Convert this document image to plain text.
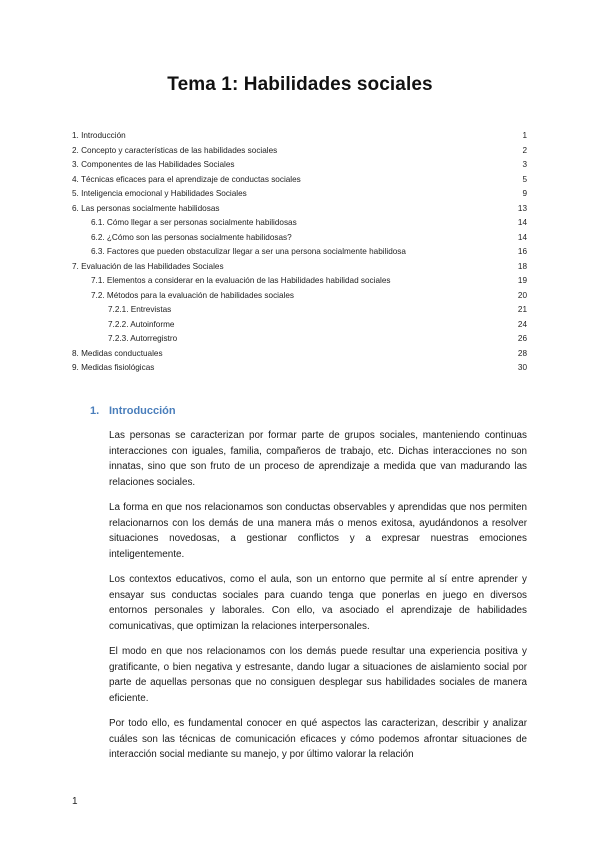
Tema 1: Habilidades sociales
1. Introducción	1
2. Concepto y características de las habilidades sociales	2
3. Componentes de las Habilidades Sociales	3
4. Técnicas eficaces para el aprendizaje de conductas sociales	5
5. Inteligencia emocional y Habilidades Sociales	9
6. Las personas socialmente habilidosas	13
6.1. Cómo llegar a ser personas socialmente habilidosas	14
6.2. ¿Cómo son las personas socialmente habilidosas?	14
6.3. Factores que pueden obstaculizar llegar a ser una persona socialmente habilidosa	16
7. Evaluación de las Habilidades Sociales	18
7.1. Elementos a considerar en la evaluación de las Habilidades habilidad sociales	19
7.2. Métodos para la evaluación de habilidades sociales	20
7.2.1. Entrevistas	21
7.2.2. Autoinforme	24
7.2.3. Autorregistro	26
8. Medidas conductuales	28
9. Medidas fisiológicas	30
1. Introducción

Las personas se caracterizan por formar parte de grupos sociales, manteniendo continuas interacciones con iguales, familia, compañeros de trabajo, etc. Dichas interacciones no son innatas, sino que son fruto de un proceso de aprendizaje a medida que van madurando las relaciones sociales.

La forma en que nos relacionamos son conductas observables y aprendidas que nos permiten relacionarnos con los demás de una manera más o menos exitosa, ayudándonos a resolver situaciones novedosas, a gestionar conflictos y a expresar nuestras emociones inteligentemente.

Los contextos educativos, como el aula, son un entorno que permite al sí entre aprender y ensayar sus conductas sociales para cuando tenga que ponerlas en juego en diversos entornos personales y laborales. Con ello, va asociado el aprendizaje de habilidades comunicativas, que optimizan la relaciones interpersonales.

El modo en que nos relacionamos con los demás puede resultar una experiencia positiva y gratificante, o bien negativa y estresante, dando lugar a situaciones de aislamiento social por parte de aquellas personas que no consiguen desplegar sus habilidades sociales de manera eficiente.

Por todo ello, es fundamental conocer en qué aspectos las caracterizan, describir y analizar cuáles son las técnicas de comunicación eficaces y cómo podemos afrontar situaciones de interacción social mediante su manejo, y por último valorar la relación

1
